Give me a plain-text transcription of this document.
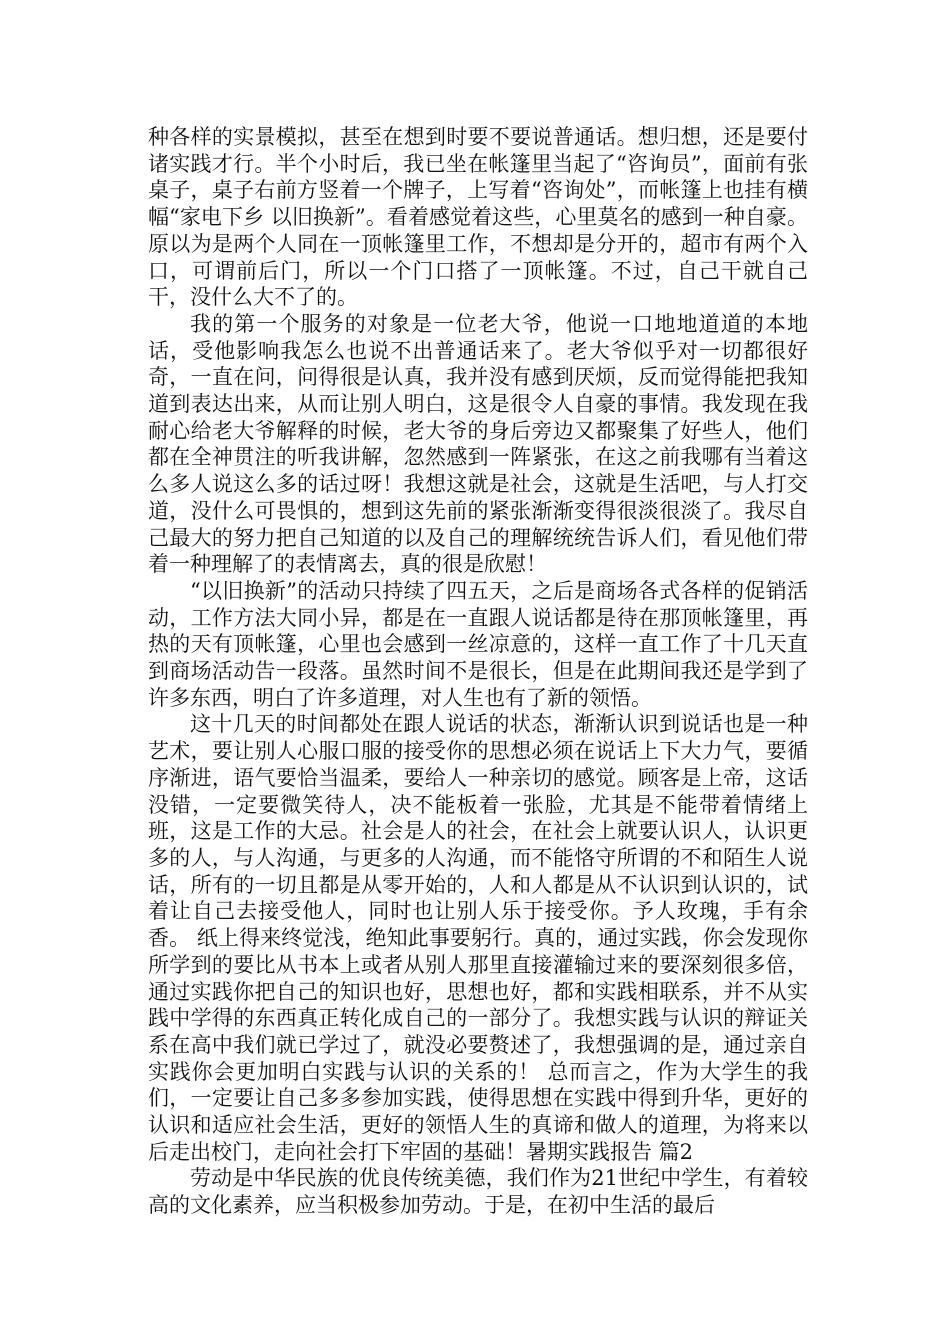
种各样的实景模拟，甚至在想到时要不要说普通话。想归想，还是要付诸实践才行。半个小时后，我已坐在帐篷里当起了“咨询员”，面前有张桌子，桌子右前方竖着一个牌子，上写着“咨询处”，而帐篷上也挂有横幅“家电下乡 以旧换新”。看着感觉着这些，心里莫名的感到一种自豪。原以为是两个人同在一顶帐篷里工作，不想却是分开的，超市有两个入口，可谓前后门，所以一个门口搭了一顶帐篷。不过，自己干就自己干，没什么大不了的。

我的第一个服务的对象是一位老大爷，他说一口地地道道的本地话，受他影响我怎么也说不出普通话来了。老大爷似乎对一切都很好奇，一直在问，问得很是认真，我并没有感到厌烦，反而觉得能把我知道到表达出来，从而让别人明白，这是很令人自豪的事情。我发现在我耐心给老大爷解释的时候，老大爷的身后旁边又都聚集了好些人，他们都在全神贯注的听我讲解，忽然感到一阵紧张，在这之前我哪有当着这么多人说这么多的话过呀！我想这就是社会，这就是生活吧，与人打交道，没什么可畏惧的，想到这先前的紧张渐渐变得很淡很淡了。我尽自己最大的努力把自己知道的以及自己的理解统统告诉人们，看见他们带着一种理解了的表情离去，真的很是欣慰！

“以旧换新”的活动只持续了四五天，之后是商场各式各样的促销活动，工作方法大同小异，都是在一直跟人说话都是待在那顶帐篷里，再热的天有顶帐篷，心里也会感到一丝凉意的，这样一直工作了十几天直到商场活动告一段落。虽然时间不是很长，但是在此期间我还是学到了许多东西，明白了许多道理，对人生也有了新的领悟。

这十几天的时间都处在跟人说话的状态，渐渐认识到说话也是一种艺术，要让别人心服口服的接受你的思想必须在说话上下大力气，要循序渐进，语气要恰当温柔，要给人一种亲切的感觉。顾客是上帝，这话没错，一定要微笑待人，决不能板着一张脸，尤其是不能带着情绪上班，这是工作的大忌。社会是人的社会，在社会上就要认识人，认识更多的人，与人沟通，与更多的人沟通，而不能恪守所谓的不和陌生人说话，所有的一切且都是从零开始的，人和人都是从不认识到认识的，试着让自己去接受他人，同时也让别人乐于接受你。予人玫瑰，手有余香。 纸上得来终觉浅，绝知此事要躬行。真的，通过实践，你会发现你所学到的要比从书本上或者从别人那里直接灌输过来的要深刻很多倍，通过实践你把自己的知识也好，思想也好，都和实践相联系，并不从实践中学得的东西真正转化成自己的一部分了。我想实践与认识的辩证关系在高中我们就已学过了，就没必要赘述了，我想强调的是，通过亲自实践你会更加明白实践与认识的关系的！ 总而言之，作为大学生的我们，一定要让自己多多参加实践，使得思想在实践中得到升华，更好的认识和适应社会生活，更好的领悟人生的真谛和做人的道理，为将来以后走出校门，走向社会打下牢固的基础！暑期实践报告 篇2

劳动是中华民族的优良传统美德，我们作为21世纪中学生，有着较高的文化素养，应当积极参加劳动。于是，在初中生活的最后
